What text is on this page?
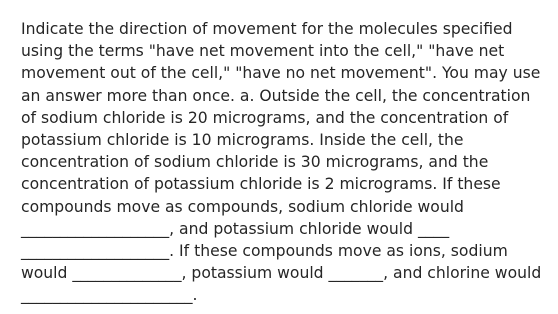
Indicate the direction of movement for the molecules specified using the terms "have net movement into the cell," "have net movement out of the cell," "have no net movement". You may use an answer more than once. a. Outside the cell, the concentration of sodium chloride is 20 micrograms, and the concentration of potassium chloride is 10 micrograms. Inside the cell, the concentration of sodium chloride is 30 micrograms, and the concentration of potassium chloride is 2 micrograms. If these compounds move as compounds, sodium chloride would ___________________, and potassium chloride would ____ ___________________. If these compounds move as ions, sodium would ______________, potassium would _______, and chlorine would ______________________.
